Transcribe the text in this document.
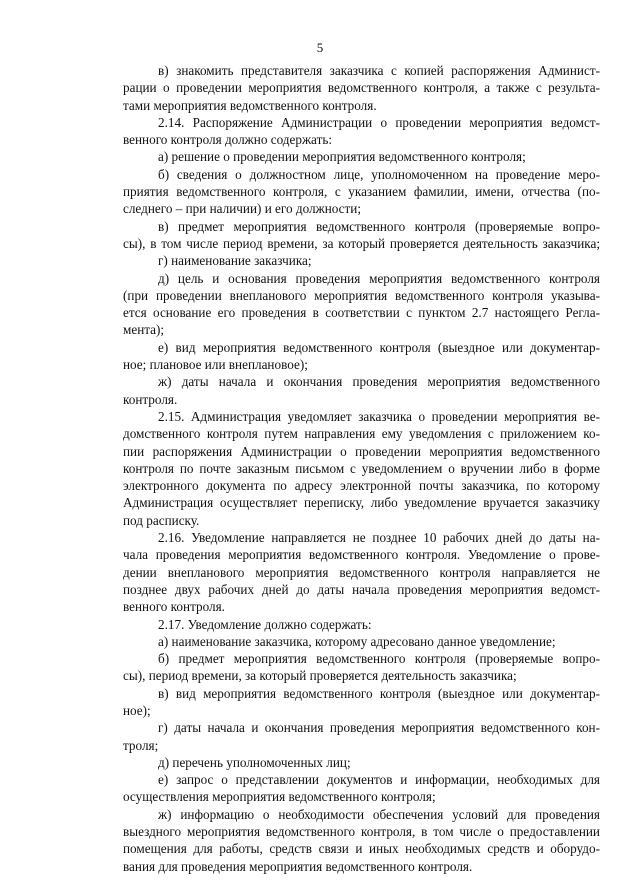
5
в) знакомить представителя заказчика с копией распоряжения Админист-
рации о проведении мероприятия ведомственного контроля, а также с результа-
тами мероприятия ведомственного контроля.
2.14. Распоряжение Администрации о проведении мероприятия ведомст-
венного контроля должно содержать:
а) решение о проведении мероприятия ведомственного контроля;
б) сведения о должностном лице, уполномоченном на проведение меро-
приятия ведомственного контроля, с указанием фамилии, имени, отчества (по-
следнего – при наличии) и его должности;
в) предмет мероприятия ведомственного контроля (проверяемые вопро-
сы), в том числе период времени, за который проверяется деятельность заказчика;
г) наименование заказчика;
д) цель и основания проведения мероприятия ведомственного контроля
(при проведении внепланового мероприятия ведомственного контроля указыва-
ется основание его проведения в соответствии с пунктом 2.7 настоящего Регла-
мента);
е) вид мероприятия ведомственного контроля (выездное или документар-
ное; плановое или внеплановое);
ж) даты начала и окончания проведения мероприятия ведомственного
контроля.
2.15. Администрация уведомляет заказчика о проведении мероприятия ве-
домственного контроля путем направления ему уведомления с приложением ко-
пии распоряжения Администрации о проведении мероприятия ведомственного
контроля по почте заказным письмом с уведомлением о вручении либо в форме
электронного документа по адресу электронной почты заказчика, по которому
Администрация осуществляет переписку, либо уведомление вручается заказчику
под расписку.
2.16. Уведомление направляется не позднее 10 рабочих дней до даты на-
чала проведения мероприятия ведомственного контроля. Уведомление о прове-
дении внепланового мероприятия ведомственного контроля направляется не
позднее двух рабочих дней до даты начала проведения мероприятия ведомст-
венного контроля.
2.17. Уведомление должно содержать:
а) наименование заказчика, которому адресовано данное уведомление;
б) предмет мероприятия ведомственного контроля (проверяемые вопро-
сы), период времени, за который проверяется деятельность заказчика;
в) вид мероприятия ведомственного контроля (выездное или документар-
ное);
г) даты начала и окончания проведения мероприятия ведомственного кон-
троля;
д) перечень уполномоченных лиц;
е) запрос о представлении документов и информации, необходимых для
осуществления мероприятия ведомственного контроля;
ж) информацию о необходимости обеспечения условий для проведения
выездного мероприятия ведомственного контроля, в том числе о предоставлении
помещения для работы, средств связи и иных необходимых средств и оборудо-
вания для проведения мероприятия ведомственного контроля.
